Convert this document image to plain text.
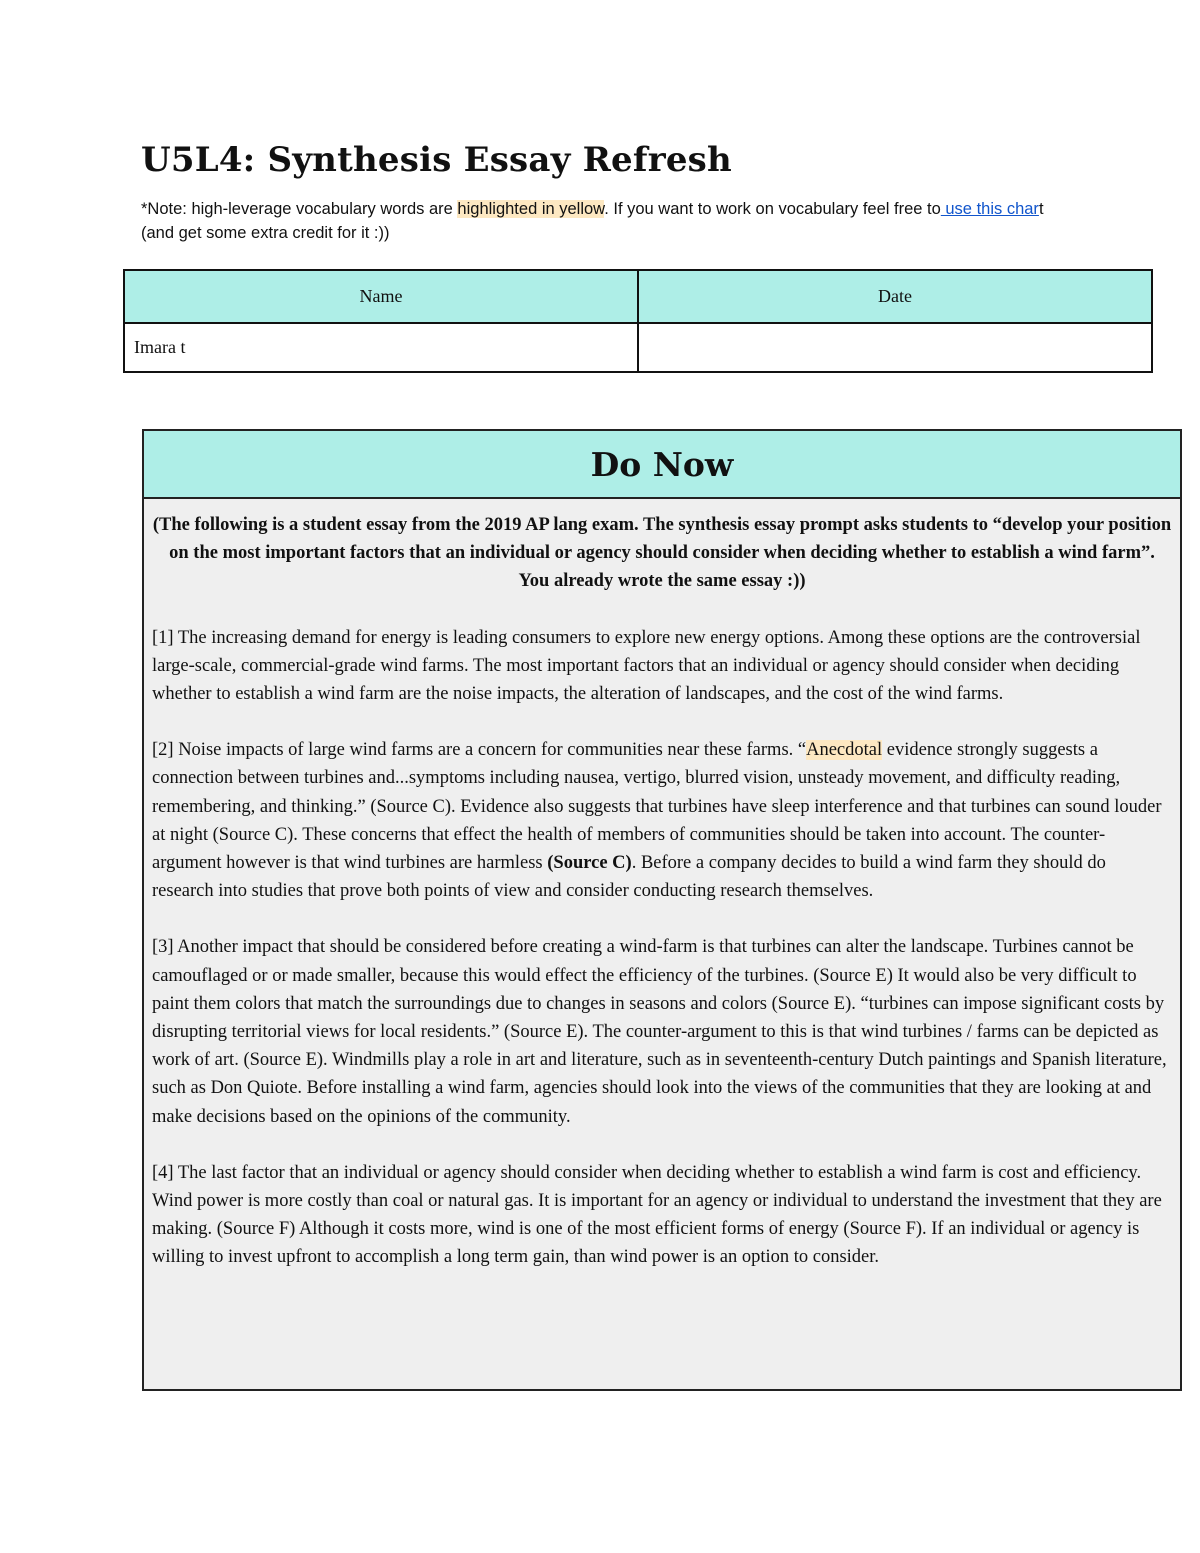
U5L4: Synthesis Essay Refresh
*Note: high-leverage vocabulary words are highlighted in yellow. If you want to work on vocabulary feel free to use this chart (and get some extra credit for it :))
Name	Date
Imara t	
Do Now

(The following is a student essay from the 2019 AP lang exam. The synthesis essay prompt asks students to “develop your position on the most important factors that an individual or agency should consider when deciding whether to establish a wind farm”. You already wrote the same essay :))

[1] The increasing demand for energy is leading consumers to explore new energy options. Among these options are the controversial large-scale, commercial-grade wind farms. The most important factors that an individual or agency should consider when deciding whether to establish a wind farm are the noise impacts, the alteration of landscapes, and the cost of the wind farms.

[2] Noise impacts of large wind farms are a concern for communities near these farms. “Anecdotal evidence strongly suggests a connection between turbines and...symptoms including nausea, vertigo, blurred vision, unsteady movement, and difficulty reading, remembering, and thinking.” (Source C). Evidence also suggests that turbines have sleep interference and that turbines can sound louder at night (Source C). These concerns that effect the health of members of communities should be taken into account. The counter-argument however is that wind turbines are harmless (Source C). Before a company decides to build a wind farm they should do research into studies that prove both points of view and consider conducting research themselves.

[3] Another impact that should be considered before creating a wind-farm is that turbines can alter the landscape. Turbines cannot be camouflaged or or made smaller, because this would effect the efficiency of the turbines. (Source E) It would also be very difficult to paint them colors that match the surroundings due to changes in seasons and colors (Source E). “turbines can impose significant costs by disrupting territorial views for local residents.” (Source E). The counter-argument to this is that wind turbines / farms can be depicted as work of art. (Source E). Windmills play a role in art and literature, such as in seventeenth-century Dutch paintings and Spanish literature, such as Don Quiote. Before installing a wind farm, agencies should look into the views of the communities that they are looking at and make decisions based on the opinions of the community.

[4] The last factor that an individual or agency should consider when deciding whether to establish a wind farm is cost and efficiency. Wind power is more costly than coal or natural gas. It is important for an agency or individual to understand the investment that they are making. (Source F) Although it costs more, wind is one of the most efficient forms of energy (Source F). If an individual or agency is willing to invest upfront to accomplish a long term gain, than wind power is an option to consider.
